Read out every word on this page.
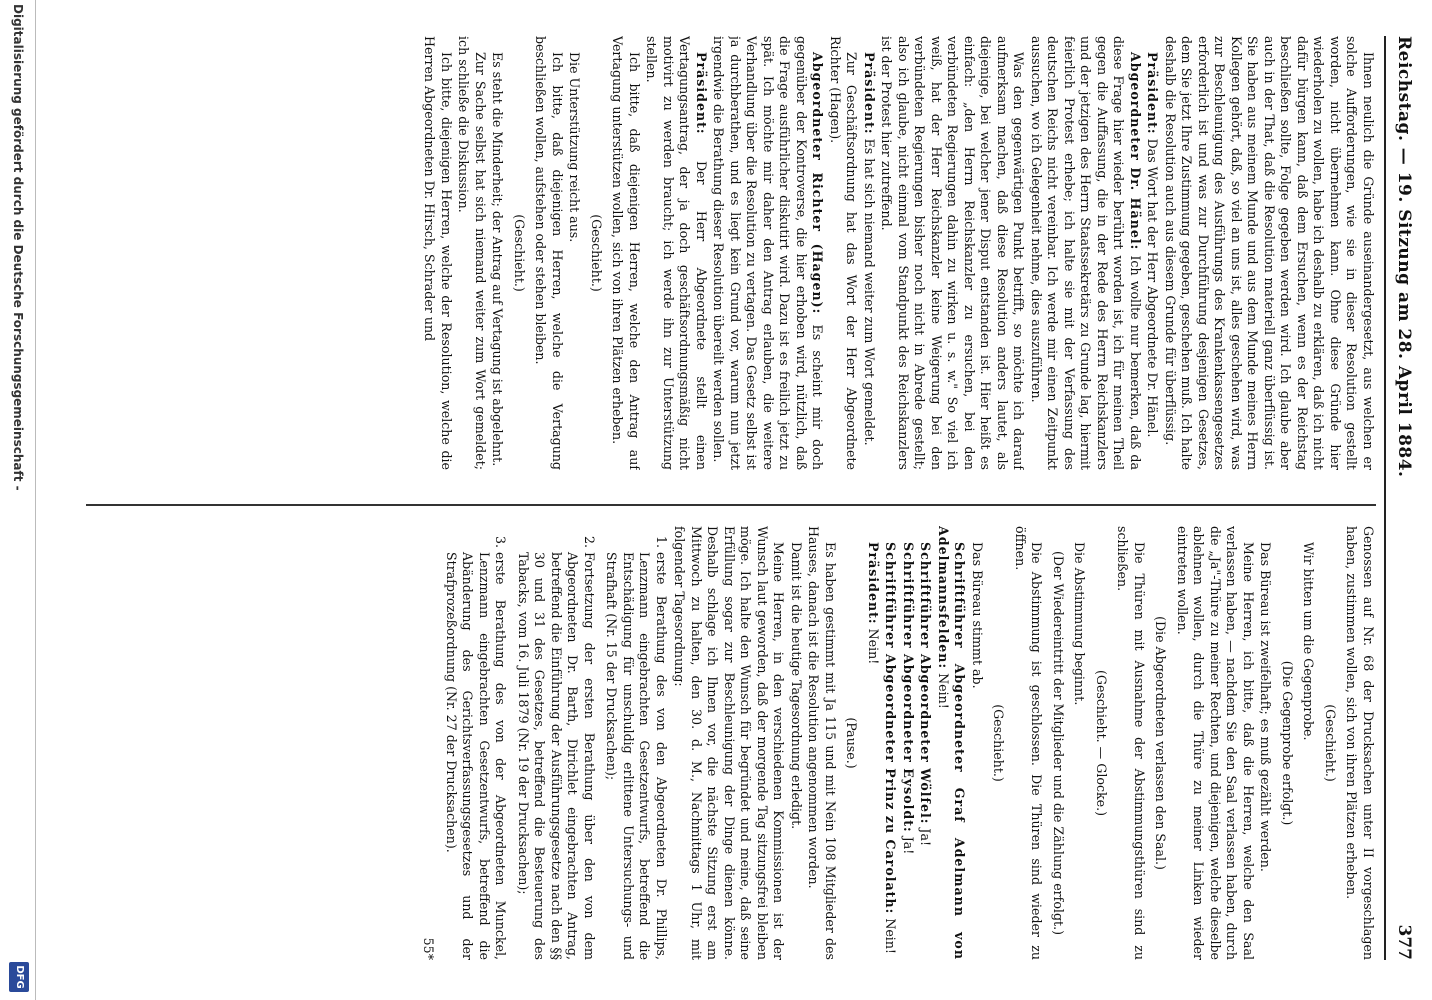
Reichstag. — 19. Sitzung am 28. April 1884.
377

Ihnen neulich die Gründe auseinandergesetzt, aus welchen er solche Aufforderungen, wie sie in dieser Resolution gestellt worden, nicht übernehmen kann. Ohne diese Gründe hier wiederholen zu wollen, habe ich deshalb zu erklären, daß ich nicht dafür bürgen kann, daß dem Ersuchen, wenn es der Reichstag beschließen sollte, Folge gegeben werden wird. Ich glaube aber auch in der That, daß die Resolution materiell ganz überflüssig ist. Sie haben aus meinem Munde und aus dem Munde meines Herrn Kollegen gehört, daß, so viel an uns ist, alles geschehen wird, was zur Beschleunigung des Ausführungs des Krankenkassengesetzes erforderlich ist und was zur Durchführung desjenigen Gesetzes, dem Sie jetzt Ihre Zustimmung gegeben, geschehen muß. Ich halte deshalb die Resolution auch aus diesem Grunde für überflüssig.

Präsident: Das Wort hat der Herr Abgeordnete Dr. Hänel.

Abgeordneter Dr. Hänel: Ich wollte nur bemerken, daß da diese Frage hier wieder berührt worden ist, ich für meinen Theil gegen die Auffassung, die in der Rede des Herrn Reichskanzlers und der jetzigen des Herrn Staatssekretärs zu Grunde lag, hiermit feierlich Protest erhebe; ich halte sie mit der Verfassung des deutschen Reichs nicht vereinbar. Ich werde mir einen Zeitpunkt aussuchen, wo ich Gelegenheit nehme, dies auszuführen.

Was den gegenwärtigen Punkt betrifft, so möchte ich darauf aufmerksam machen, daß diese Resolution anders lautet, als diejenige, bei welcher jener Disput entstanden ist. Hier heißt es einfach: „den Herrn Reichskanzler zu ersuchen, bei den verbündeten Regierungen dahin zu wirken u. s. w." So viel ich weiß, hat der Herr Reichskanzler keine Weigerung bei den verbündeten Regierungen bisher noch nicht in Abrede gestellt; also ich glaube, nicht einmal vom Standpunkt des Reichskanzlers ist der Protest hier zutreffend.

Präsident: Es hat sich niemand weiter zum Wort gemeldet.

Zur Geschäftsordnung hat das Wort der Herr Abgeordnete Richter (Hagen).

Abgeordneter Richter (Hagen): Es scheint mir doch gegenüber der Kontroverse, die hier erhoben wird, nützlich, daß die Frage ausführlicher diskutirt wird. Dazu ist es freilich jetzt zu spät. Ich möchte mir daher den Antrag erlauben, die weitere Verhandlung über die Resolution zu vertagen. Das Gesetz selbst ist ja durchberathen, und es liegt kein Grund vor, warum nun jetzt irgendwie die Berathung dieser Resolution übereilt werden sollen.

Präsident: Der Herr Abgeordnete stellt einen Vertagungsantrag, der ja doch geschäftsordnungsmäßig nicht motivirt zu werden braucht; ich werde ihn zur Unterstützung stellen.

Ich bitte, daß diejenigen Herren, welche den Antrag auf Vertagung unterstützen wollen, sich von ihren Plätzen erheben.

(Geschieht.)

Die Unterstützung reicht aus.

Ich bitte, daß diejenigen Herren, welche die Vertagung beschließen wollen, aufstehen oder stehen bleiben.

(Geschieht.)

Es steht die Minderheit; der Antrag auf Vertagung ist abgelehnt.

Zur Sache selbst hat sich niemand weiter zum Wort gemeldet; ich schließe die Diskussion.

Ich bitte, diejenigen Herren, welche der Resolution, welche die Herren Abgeordneten Dr. Hirsch, Schrader und

Genossen auf Nr. 68 der Drucksachen unter II vorgeschlagen haben, zustimmen wollen, sich von ihren Plätzen erheben.

(Geschieht.)

Wir bitten um die Gegenprobe.

(Die Gegenprobe erfolgt.)

Das Büreau ist zweifelhaft; es muß gezählt werden.

Meine Herren, ich bitte, daß die Herren, welche den Saal verlassen haben, — nachdem Sie den Saal verlassen haben, durch die „Ja"-Thüre zu meiner Rechten, und diejenigen, welche dieselbe ablehnen wollen, durch die Thüre zu meiner Linken wieder eintreten wollen.

(Die Abgeordneten verlassen den Saal.)

Die Thüren mit Ausnahme der Abstimmungsthüren sind zu schließen.

(Geschieht. — Glocke.)

Die Abstimmung beginnt.

(Der Wiedereintritt der Mitglieder und die Zählung erfolgt.)

Die Abstimmung ist geschlossen. Die Thüren sind wieder zu öffnen.

(Geschieht.)

Das Büreau stimmt ab.

Schriftführer Abgeordneter Graf Adelmann von Adelmannsfelden: Nein!

Schriftführer Abgeordneter Wölfel: Ja!

Schriftführer Abgeordneter Eysoldt: Ja!

Schriftführer Abgeordneter Prinz zu Carolath: Nein!

Präsident: Nein!

(Pause.)

Es haben gestimmt mit Ja 115 und mit Nein 108 Mitglieder des Hauses, danach ist die Resolution angenommen worden.

Damit ist die heutige Tagesordnung erledigt.

Meine Herren, in den verschiedenen Kommissionen ist der Wunsch laut geworden, daß der morgende Tag sitzungsfrei bleiben möge. Ich halte den Wunsch für begründet und meine, daß seine Erfüllung sogar zur Beschleunigung der Dinge dienen könne. Deshalb schlage ich Ihnen vor, die nächste Sitzung erst am Mittwoch zu halten, den 30. d. M., Nachmittags 1 Uhr, mit folgender Tagesordnung:

1. erste Berathung des von den Abgeordneten Dr. Phillips, Lenzmann eingebrachten Gesetzentwurfs, betreffend die Entschädigung für unschuldig erlittene Untersuchungs- und Strafhaft (Nr. 15 der Drucksachen);
2. Fortsetzung der ersten Berathung über den von dem Abgeordneten Dr. Barth, Dirichlet eingebrachten Antrag, betreffend die Einführung der Ausführungsgesetze nach den §§ 30 und 31 des Gesetzes, betreffend die Besteuerung des Tabacks, vom 16. Juli 1879 (Nr. 19 der Drucksachen);
3. erste Berathung des von der Abgeordneten Munckel, Lenzmann eingebrachten Gesetzentwurfs, betreffend die Abänderung des Gerichtsverfassungsgesetzes und der Strafprozeßordnung (Nr. 27 der Drucksachen).

55*

Digitalisierung gefördert durch die Deutsche Forschungsgemeinschaft -
DFG
